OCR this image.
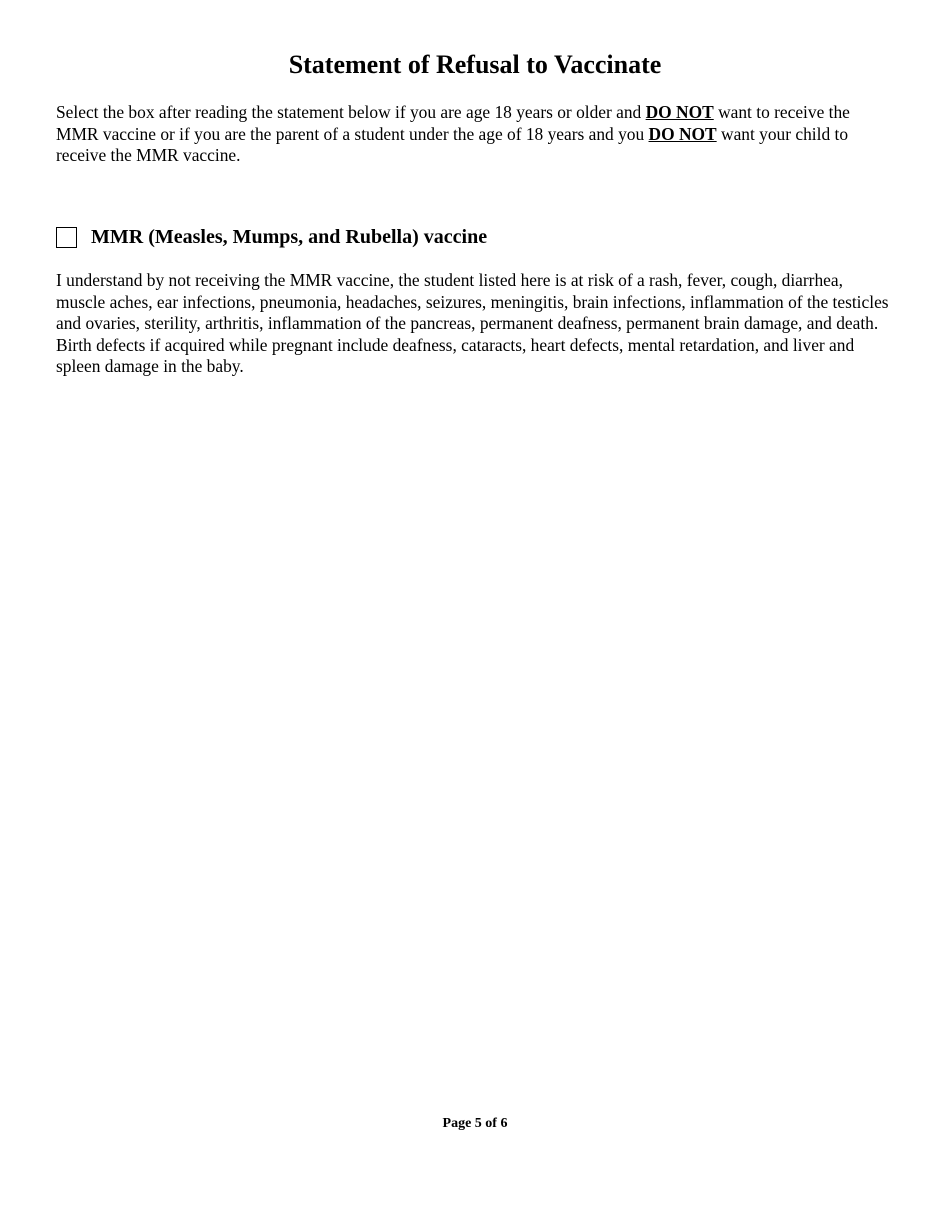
Statement of Refusal to Vaccinate

Select the box after reading the statement below if you are age 18 years or older and DO NOT want to receive the MMR vaccine or if you are the parent of a student under the age of 18 years and you DO NOT want your child to receive the MMR vaccine.

MMR (Measles, Mumps, and Rubella) vaccine

I understand by not receiving the MMR vaccine, the student listed here is at risk of a rash, fever, cough, diarrhea, muscle aches, ear infections, pneumonia, headaches, seizures, meningitis, brain infections, inflammation of the testicles and ovaries, sterility, arthritis, inflammation of the pancreas, permanent deafness, permanent brain damage, and death. Birth defects if acquired while pregnant include deafness, cataracts, heart defects, mental retardation, and liver and spleen damage in the baby.

Page 5 of 6
